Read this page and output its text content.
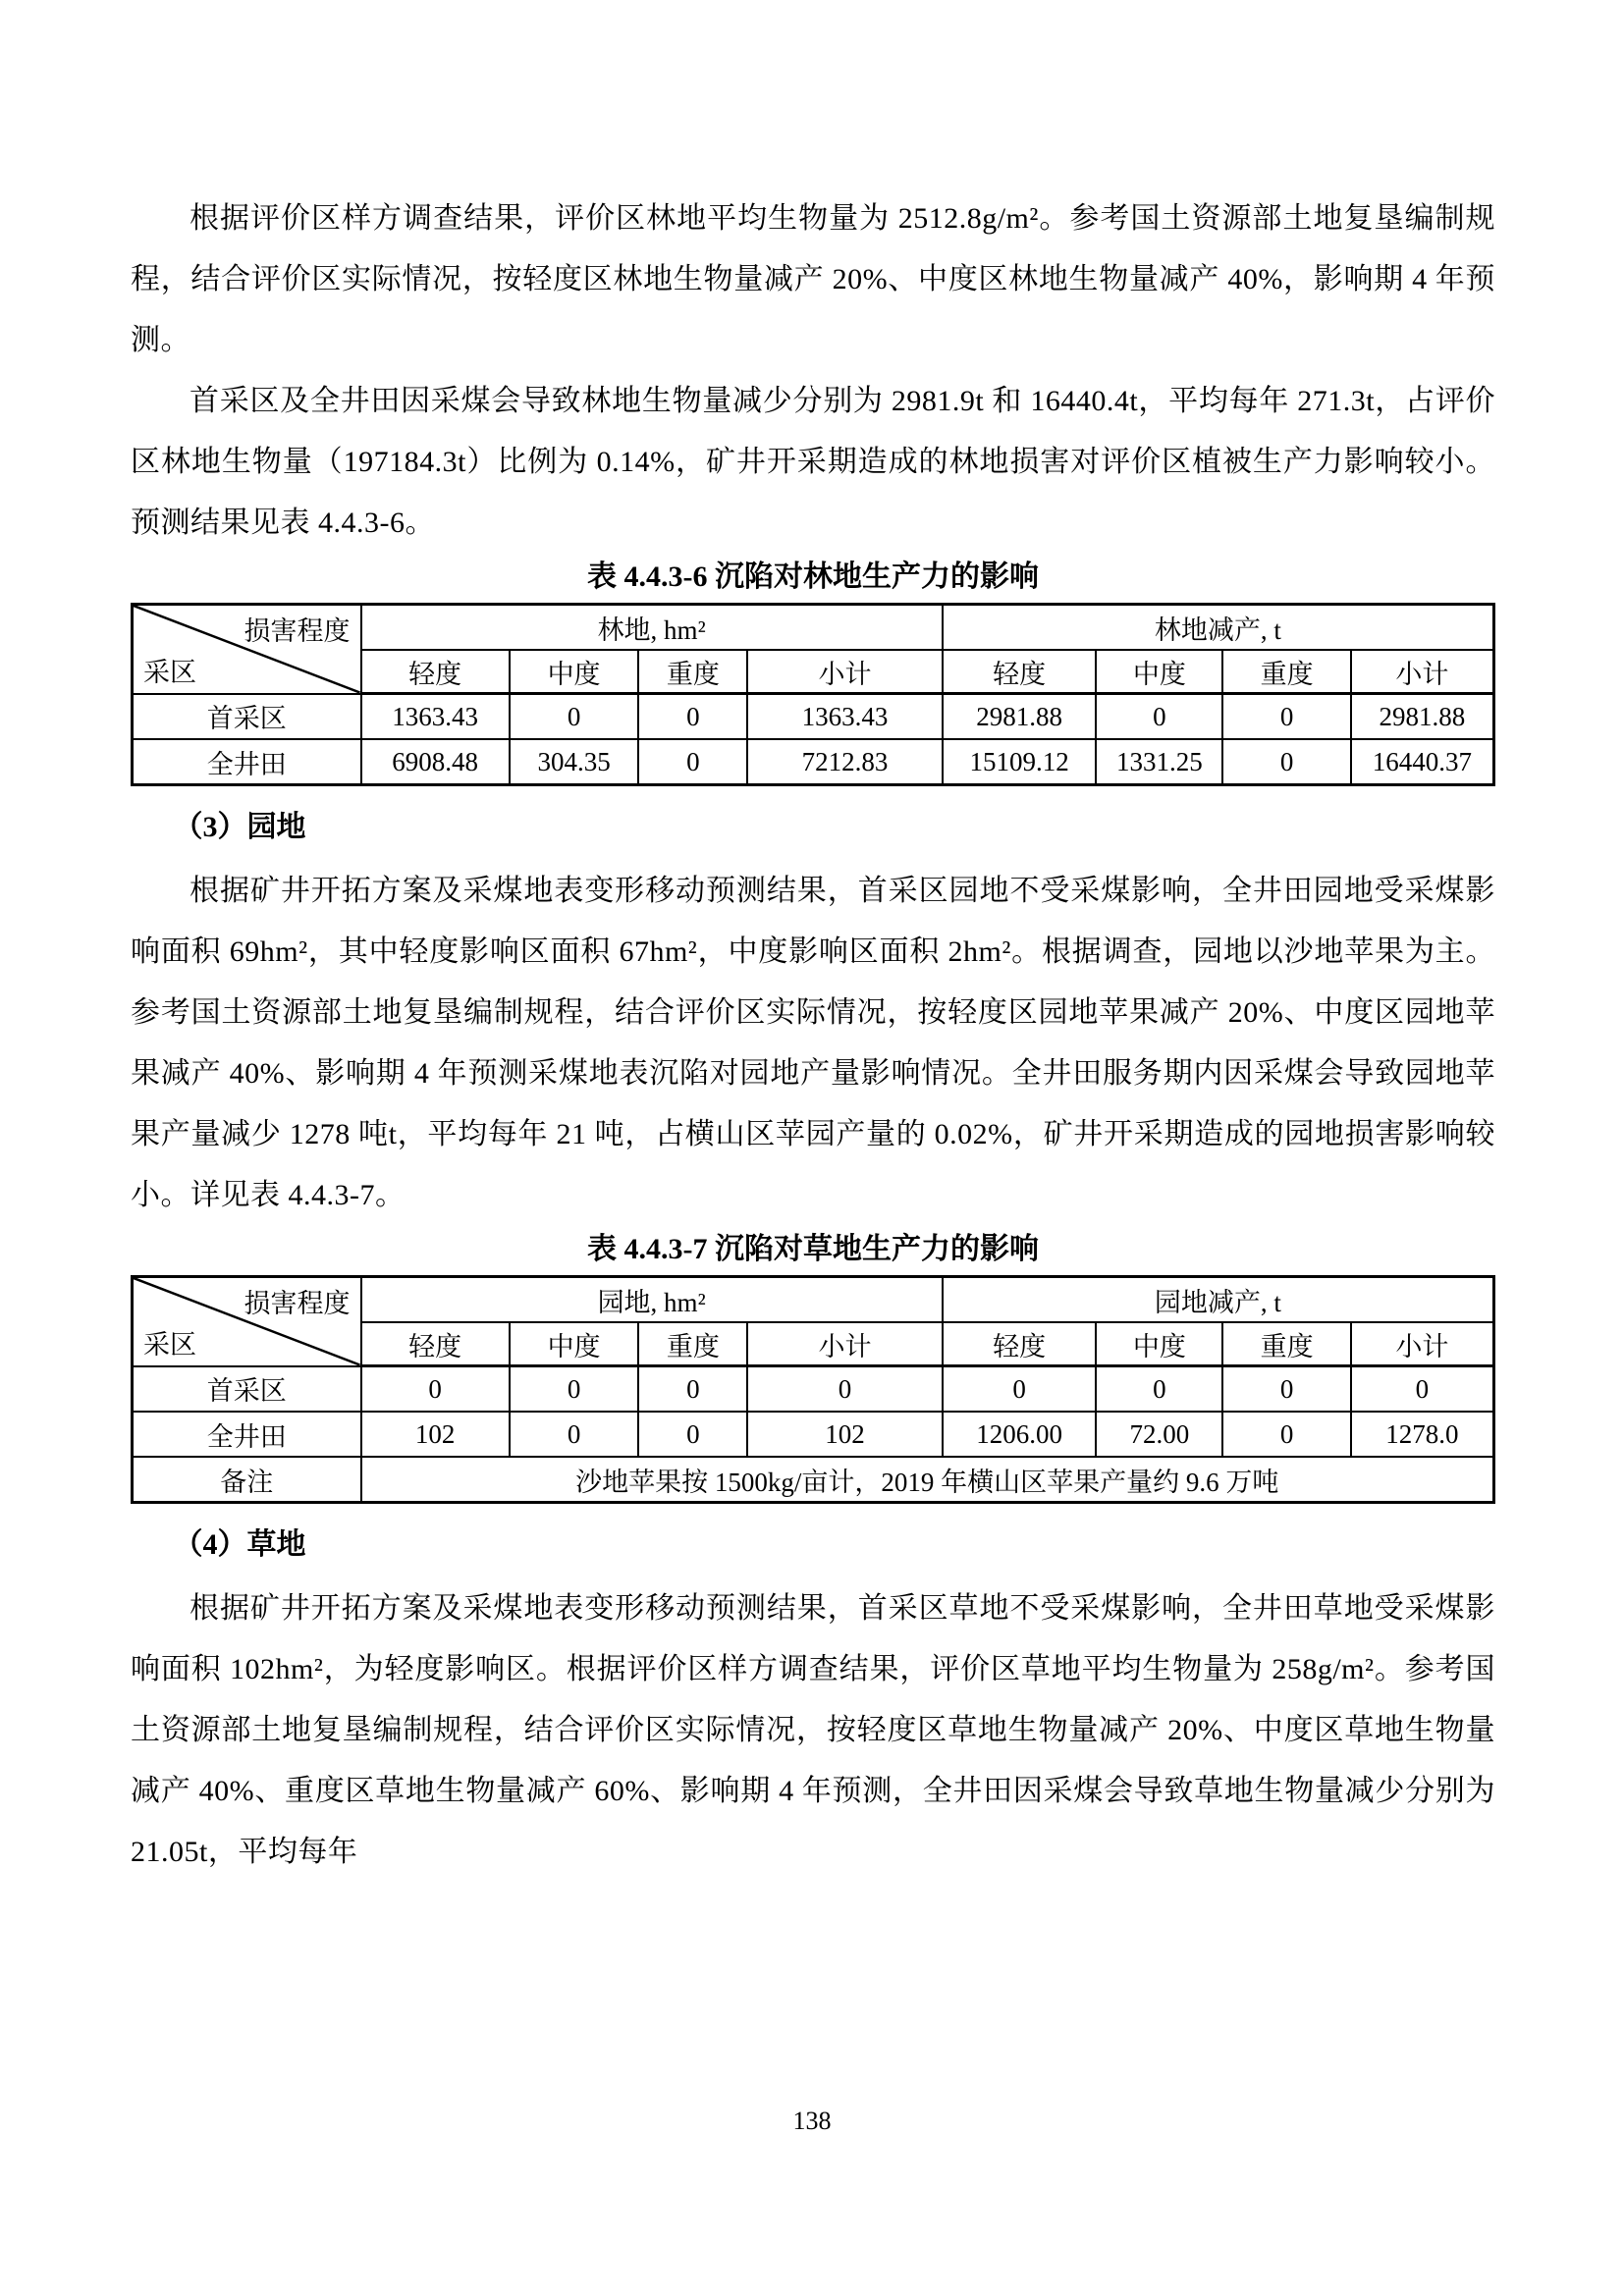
根据评价区样方调查结果，评价区林地平均生物量为 2512.8g/m²。参考国土资源部土地复垦编制规程，结合评价区实际情况，按轻度区林地生物量减产 20%、中度区林地生物量减产 40%，影响期 4 年预测。

首采区及全井田因采煤会导致林地生物量减少分别为 2981.9t 和 16440.4t，平均每年 271.3t，占评价区林地生物量（197184.3t）比例为 0.14%，矿井开采期造成的林地损害对评价区植被生产力影响较小。预测结果见表 4.4.3-6。

表 4.4.3-6 沉陷对林地生产力的影响
损害程度
采区	林地, hm²				林地减产, t			
	轻度	中度	重度	小计	轻度	中度	重度	小计
首采区	1363.43	0	0	1363.43	2981.88	0	0	2981.88
全井田	6908.48	304.35	0	7212.83	15109.12	1331.25	0	16440.37
（3）园地

根据矿井开拓方案及采煤地表变形移动预测结果，首采区园地不受采煤影响，全井田园地受采煤影响面积 69hm²，其中轻度影响区面积 67hm²，中度影响区面积 2hm²。根据调查，园地以沙地苹果为主。参考国土资源部土地复垦编制规程，结合评价区实际情况，按轻度区园地苹果减产 20%、中度区园地苹果减产 40%、影响期 4 年预测采煤地表沉陷对园地产量影响情况。全井田服务期内因采煤会导致园地苹果产量减少 1278 吨t，平均每年 21 吨，占横山区苹园产量的 0.02%，矿井开采期造成的园地损害影响较小。详见表 4.4.3-7。

表 4.4.3-7 沉陷对草地生产力的影响
损害程度
采区	园地, hm²				园地减产, t			
	轻度	中度	重度	小计	轻度	中度	重度	小计
首采区	0	0	0	0	0	0	0	0
全井田	102	0	0	102	1206.00	72.00	0	1278.0
备注	沙地苹果按 1500kg/亩计，2019 年横山区苹果产量约 9.6 万吨							
（4）草地

根据矿井开拓方案及采煤地表变形移动预测结果，首采区草地不受采煤影响，全井田草地受采煤影响面积 102hm²，为轻度影响区。根据评价区样方调查结果，评价区草地平均生物量为 258g/m²。参考国土资源部土地复垦编制规程，结合评价区实际情况，按轻度区草地生物量减产 20%、中度区草地生物量减产 40%、重度区草地生物量减产 60%、影响期 4 年预测，全井田因采煤会导致草地生物量减少分别为 21.05t，平均每年

138
